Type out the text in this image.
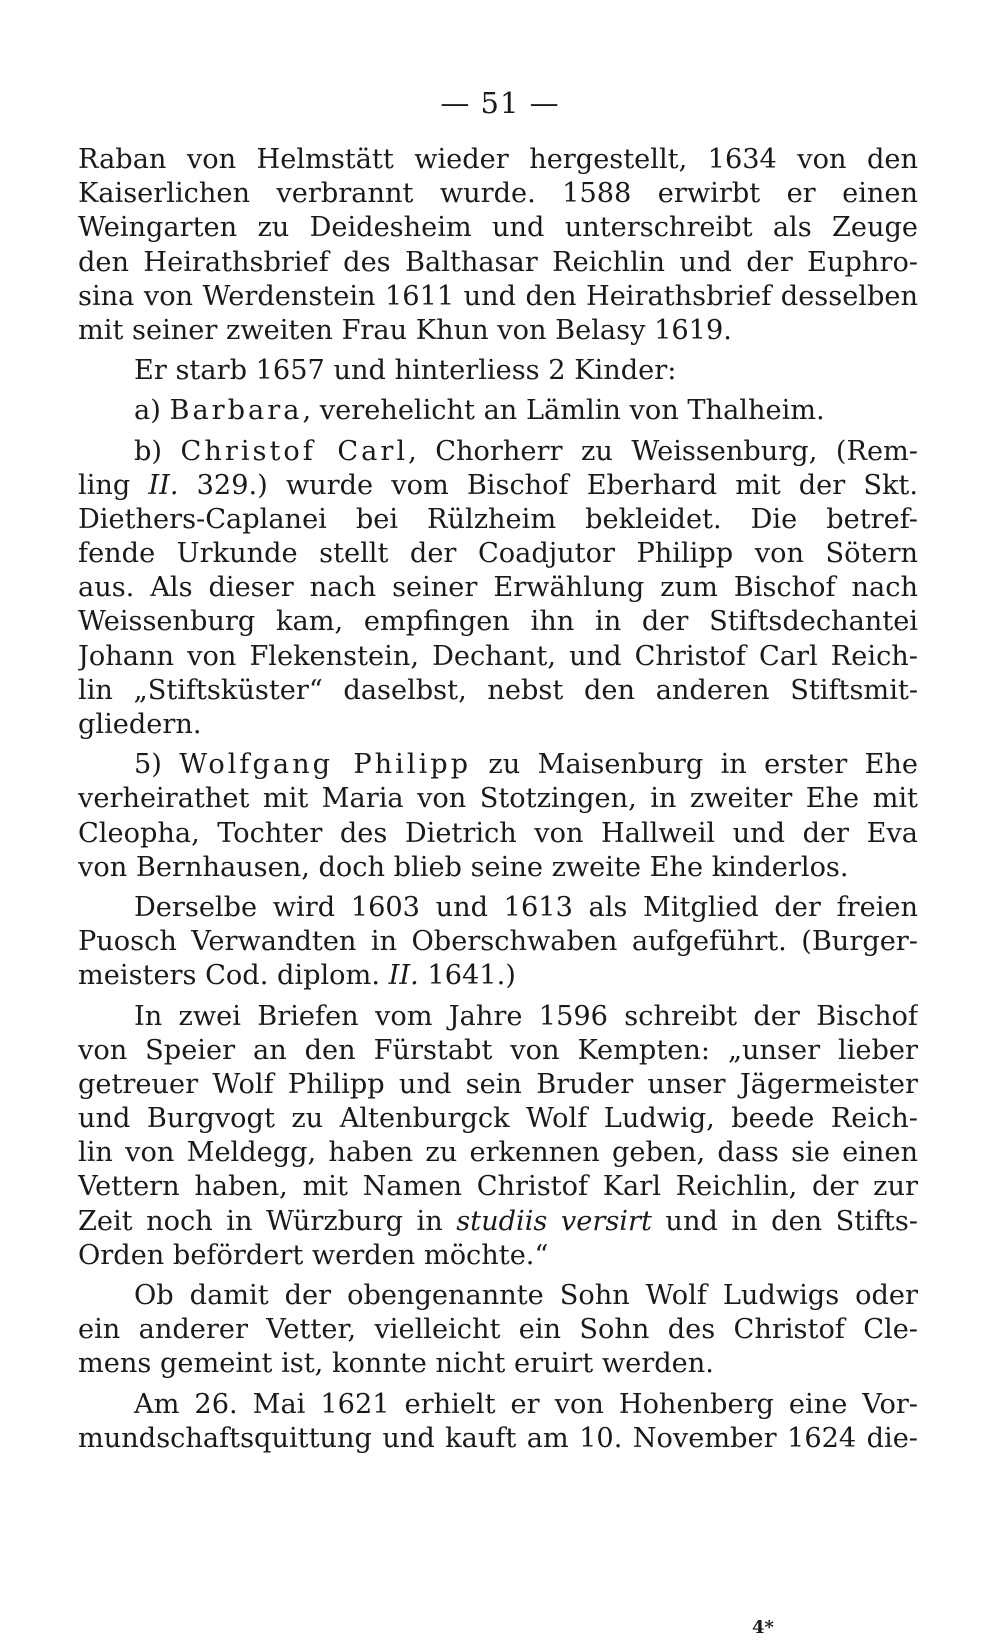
— 51 —
Raban von Helmstätt wieder hergestellt, 1634 von den
Kaiserlichen verbrannt wurde. 1588 erwirbt er einen
Weingarten zu Deidesheim und unterschreibt als Zeuge
den Heirathsbrief des Balthasar Reichlin und der Euphro-
sina von Werdenstein 1611 und den Heirathsbrief desselben
mit seiner zweiten Frau Khun von Belasy 1619.
Er starb 1657 und hinterliess 2 Kinder:
a) Barbara, verehelicht an Lämlin von Thalheim.
b) Christof Carl, Chorherr zu Weissenburg, (Rem-
ling II. 329.) wurde vom Bischof Eberhard mit der Skt.
Diethers-Caplanei bei Rülzheim bekleidet. Die betref-
fende Urkunde stellt der Coadjutor Philipp von Sötern
aus. Als dieser nach seiner Erwählung zum Bischof nach
Weissenburg kam, empfingen ihn in der Stiftsdechantei
Johann von Flekenstein, Dechant, und Christof Carl Reich-
lin „Stiftsküster“ daselbst, nebst den anderen Stiftsmit-
gliedern.
5) Wolfgang Philipp zu Maisenburg in erster Ehe
verheirathet mit Maria von Stotzingen, in zweiter Ehe mit
Cleopha, Tochter des Dietrich von Hallweil und der Eva
von Bernhausen, doch blieb seine zweite Ehe kinderlos.
Derselbe wird 1603 und 1613 als Mitglied der freien
Puosch Verwandten in Oberschwaben aufgeführt. (Burger-
meisters Cod. diplom. II. 1641.)
In zwei Briefen vom Jahre 1596 schreibt der Bischof
von Speier an den Fürstabt von Kempten: „unser lieber
getreuer Wolf Philipp und sein Bruder unser Jägermeister
und Burgvogt zu Altenburgck Wolf Ludwig, beede Reich-
lin von Meldegg, haben zu erkennen geben, dass sie einen
Vettern haben, mit Namen Christof Karl Reichlin, der zur
Zeit noch in Würzburg in studiis versirt und in den Stifts-
Orden befördert werden möchte.“
Ob damit der obengenannte Sohn Wolf Ludwigs oder
ein anderer Vetter, vielleicht ein Sohn des Christof Cle-
mens gemeint ist, konnte nicht eruirt werden.
Am 26. Mai 1621 erhielt er von Hohenberg eine Vor-
mundschaftsquittung und kauft am 10. November 1624 die-
4*
